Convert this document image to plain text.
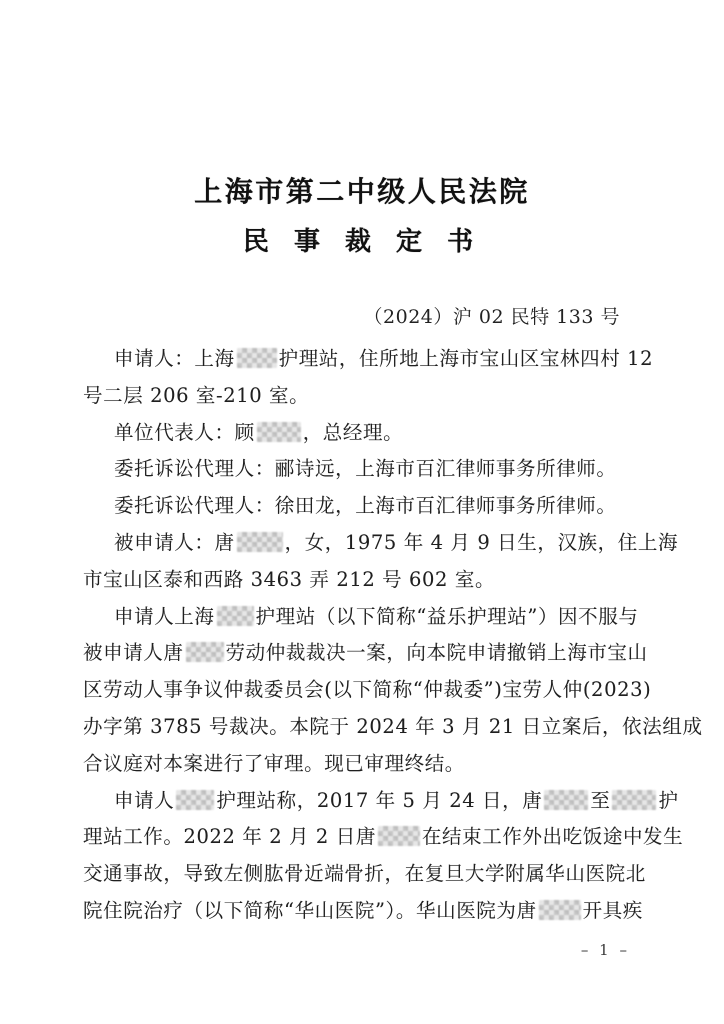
上海市第二中级人民法院
民 事 裁 定 书
（2024）沪 02 民特 133 号
申请人：上海 护理站，住所地上海市宝山区宝林四村 12
号二层 206 室-210 室。
单位代表人：顾 ，总经理。
委托诉讼代理人：郦诗远，上海市百汇律师事务所律师。
委托诉讼代理人：徐田龙，上海市百汇律师事务所律师。
被申请人：唐	，女，1975 年 4 月 9 日生，汉族，住上海
市宝山区泰和西路 3463 弄 212 号 602 室。
申请人上海 护理站（以下简称“益乐护理站”）因不服与
被申请人唐 劳动仲裁裁决一案，向本院申请撤销上海市宝山
区劳动人事争议仲裁委员会(以下简称“仲裁委”)宝劳人仲(2023)
办字第 3785 号裁决。本院于 2024 年 3 月 21 日立案后，依法组成
合议庭对本案进行了审理。现已审理终结。
申请人 护理站称，2017 年 5 月 24 日，唐 至 护
理站工作。2022 年 2 月 2 日唐 在结束工作外出吃饭途中发生
交通事故，导致左侧肱骨近端骨折，在复旦大学附属华山医院北
院住院治疗（以下简称“华山医院”）。华山医院为唐 开具疾
– 1 –
